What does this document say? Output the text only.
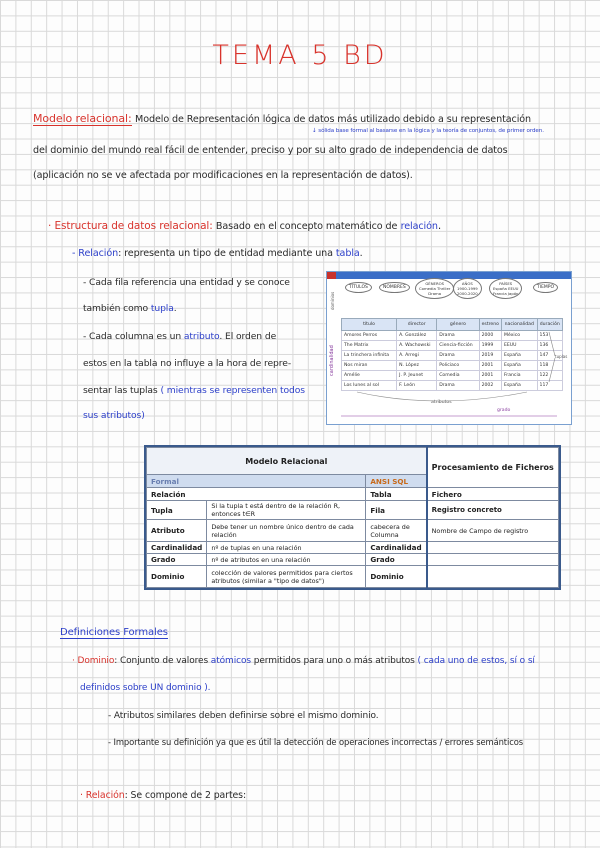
TEMA 5 BD
Modelo relacional: Modelo de Representación lógica de datos más utilizado debido a su representación
↓ sólida base formal al basarse en la lógica y la teoría de conjuntos, de primer orden.
del dominio del mundo real fácil de entender, preciso y por su alto grado de independencia de datos
(aplicación no se ve afectada por modificaciones en la representación de datos).
· Estructura de datos relacional: Basado en el concepto matemático de relación.
- Relación: representa un tipo de entidad mediante una tabla.
- Cada fila referencia una entidad y se conoce
también como tupla.
- Cada columna es un atributo. El orden de
estos en la tabla no influye a la hora de repre-
sentar las tuplas ( mientras se representen todos
sus atributos)
TÍTULOS	NOMBRES
GÉNEROS
Comedia Thriller
Drama
AÑOS
1900-1999
2000-2020
PAÍSES
España EEUU
Francia Japón
TIEMPO
dominios
título	director	género	estreno	nacionalidad	duración
Amores Perros	A. González	Drama	2000	México	153
The Matrix	A. Wachowski	Ciencia-ficción	1999	EEUU	136
La trinchera infinita	A. Arregi	Drama	2019	España	147
Nos miran	N. López	Policiaco	2001	España	118
Amélie	J. P. Jeunet	Comedia	2001	Francia	122
Los lunes al sol	F. León	Drama	2002	España	117
cardinalidad	tuplas
atributos
grado
Modelo Relacional			Procesamiento de Ficheros
Formal		ANSI SQL	
Relación		Tabla	Fichero
Tupla	Si la tupla t está dentro de la relación R, entonces t∈R	Fila	Registro concreto
Atributo	Debe tener un nombre único dentro de cada relación	cabecera de Columna	Nombre de Campo de registro
Cardinalidad	nº de tuplas en una relación	Cardinalidad	
Grado	nº de atributos en una relación	Grado	
Dominio	colección de valores permitidos para ciertos atributos (similar a "tipo de datos")	Dominio	
Definiciones Formales
· Dominio: Conjunto de valores atómicos permitidos para uno o más atributos ( cada uno de estos, sí o sí
definidos sobre UN dominio ).
- Atributos similares deben definirse sobre el mismo dominio.
- Importante su definición ya que es útil la detección de operaciones incorrectas / errores semánticos
· Relación: Se compone de 2 partes:
